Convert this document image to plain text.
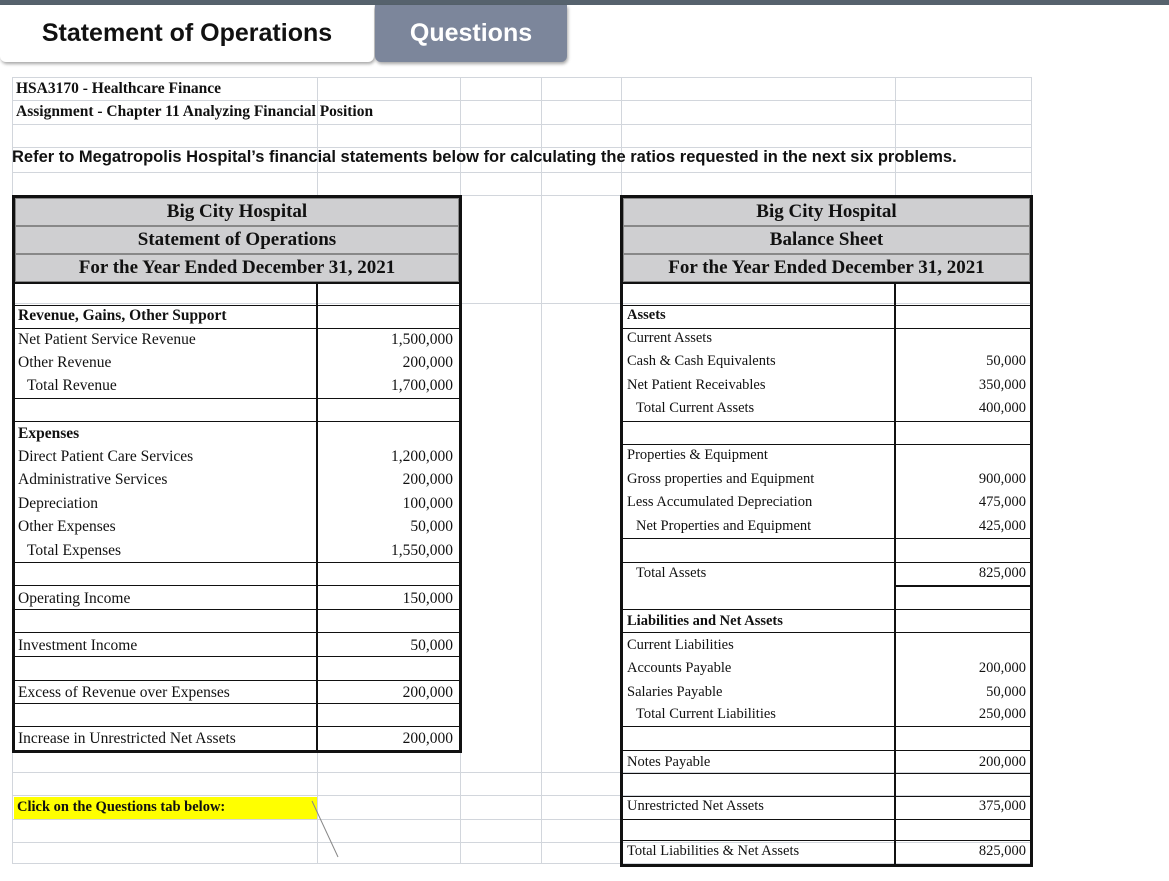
Statement of Operations	Questions
HSA3170 - Healthcare Finance
Assignment - Chapter 11 Analyzing Financial Position
Refer to Megatropolis Hospital’s financial statements below for calculating the ratios requested in the next six problems.
Big City Hospital
Statement of Operations
For the Year Ended December 31, 2021
Revenue, Gains, Other Support
Net Patient Service Revenue	1,500,000
Other Revenue	200,000
Total Revenue	1,700,000
Expenses
Direct Patient Care Services	1,200,000
Administrative Services	200,000
Depreciation	100,000
Other Expenses	50,000
Total Expenses	1,550,000
Operating Income	150,000
Investment Income	50,000
Excess of Revenue over Expenses	200,000
Increase in Unrestricted Net Assets	200,000
Big City Hospital
Balance Sheet
For the Year Ended December 31, 2021
Assets
Current Assets
Cash & Cash Equivalents	50,000
Net Patient Receivables	350,000
Total Current Assets	400,000
Properties & Equipment
Gross properties and Equipment	900,000
Less Accumulated Depreciation	475,000
Net Properties and Equipment	425,000
Total Assets	825,000
Liabilities and Net Assets
Current Liabilities
Accounts Payable	200,000
Salaries Payable	50,000
Total Current Liabilities	250,000
Notes Payable	200,000
Unrestricted Net Assets	375,000
Total Liabilities & Net Assets	825,000
Click on the Questions tab below:
